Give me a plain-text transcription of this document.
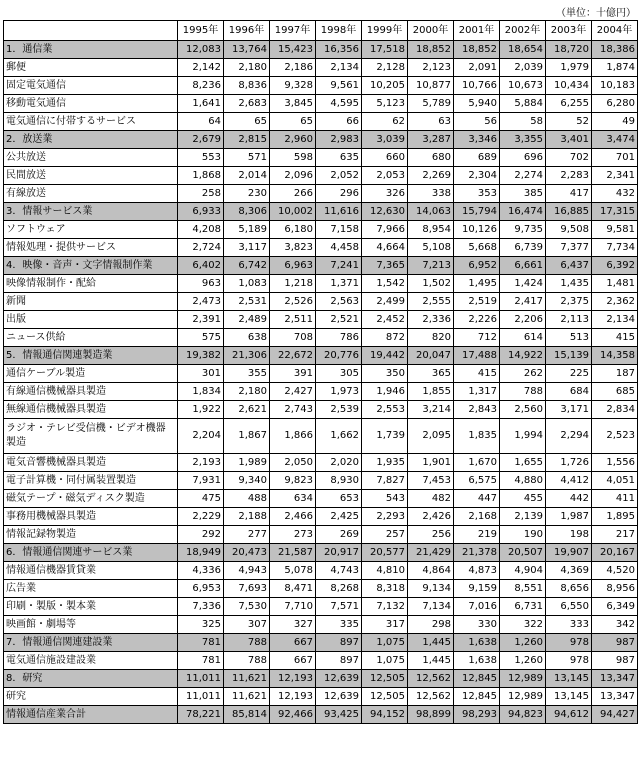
（単位：十億円）
	1995年	1996年	1997年	1998年	1999年	2000年	2001年	2002年	2003年	2004年
1．通信業	12,083	13,764	15,423	16,356	17,518	18,852	18,852	18,654	18,720	18,386
郵便	2,142	2,180	2,186	2,134	2,128	2,123	2,091	2,039	1,979	1,874
固定電気通信	8,236	8,836	9,328	9,561	10,205	10,877	10,766	10,673	10,434	10,183
移動電気通信	1,641	2,683	3,845	4,595	5,123	5,789	5,940	5,884	6,255	6,280
電気通信に付帯するサービス	64	65	65	66	62	63	56	58	52	49
2．放送業	2,679	2,815	2,960	2,983	3,039	3,287	3,346	3,355	3,401	3,474
公共放送	553	571	598	635	660	680	689	696	702	701
民間放送	1,868	2,014	2,096	2,052	2,053	2,269	2,304	2,274	2,283	2,341
有線放送	258	230	266	296	326	338	353	385	417	432
3．情報サービス業	6,933	8,306	10,002	11,616	12,630	14,063	15,794	16,474	16,885	17,315
ソフトウェア	4,208	5,189	6,180	7,158	7,966	8,954	10,126	9,735	9,508	9,581
情報処理・提供サービス	2,724	3,117	3,823	4,458	4,664	5,108	5,668	6,739	7,377	7,734
4．映像・音声・文字情報制作業	6,402	6,742	6,963	7,241	7,365	7,213	6,952	6,661	6,437	6,392
映像情報制作・配給	963	1,083	1,218	1,371	1,542	1,502	1,495	1,424	1,435	1,481
新聞	2,473	2,531	2,526	2,563	2,499	2,555	2,519	2,417	2,375	2,362
出版	2,391	2,489	2,511	2,521	2,452	2,336	2,226	2,206	2,113	2,134
ニュース供給	575	638	708	786	872	820	712	614	513	415
5．情報通信関連製造業	19,382	21,306	22,672	20,776	19,442	20,047	17,488	14,922	15,139	14,358
通信ケーブル製造	301	355	391	305	350	365	415	262	225	187
有線通信機械器具製造	1,834	2,180	2,427	1,973	1,946	1,855	1,317	788	684	685
無線通信機械器具製造	1,922	2,621	2,743	2,539	2,553	3,214	2,843	2,560	3,171	2,834
ラジオ・テレビ受信機・ビデオ機器製造	2,204	1,867	1,866	1,662	1,739	2,095	1,835	1,994	2,294	2,523
電気音響機械器具製造	2,193	1,989	2,050	2,020	1,935	1,901	1,670	1,655	1,726	1,556
電子計算機・同付属装置製造	7,931	9,340	9,823	8,930	7,827	7,453	6,575	4,880	4,412	4,051
磁気テープ・磁気ディスク製造	475	488	634	653	543	482	447	455	442	411
事務用機械器具製造	2,229	2,188	2,466	2,425	2,293	2,426	2,168	2,139	1,987	1,895
情報記録物製造	292	277	273	269	257	256	219	190	198	217
6．情報通信関連サービス業	18,949	20,473	21,587	20,917	20,577	21,429	21,378	20,507	19,907	20,167
情報通信機器賃貸業	4,336	4,943	5,078	4,743	4,810	4,864	4,873	4,904	4,369	4,520
広告業	6,953	7,693	8,471	8,268	8,318	9,134	9,159	8,551	8,656	8,956
印刷・製版・製本業	7,336	7,530	7,710	7,571	7,132	7,134	7,016	6,731	6,550	6,349
映画館・劇場等	325	307	327	335	317	298	330	322	333	342
7．情報通信関連建設業	781	788	667	897	1,075	1,445	1,638	1,260	978	987
電気通信施設建設業	781	788	667	897	1,075	1,445	1,638	1,260	978	987
8．研究	11,011	11,621	12,193	12,639	12,505	12,562	12,845	12,989	13,145	13,347
研究	11,011	11,621	12,193	12,639	12,505	12,562	12,845	12,989	13,145	13,347
情報通信産業合計	78,221	85,814	92,466	93,425	94,152	98,899	98,293	94,823	94,612	94,427
